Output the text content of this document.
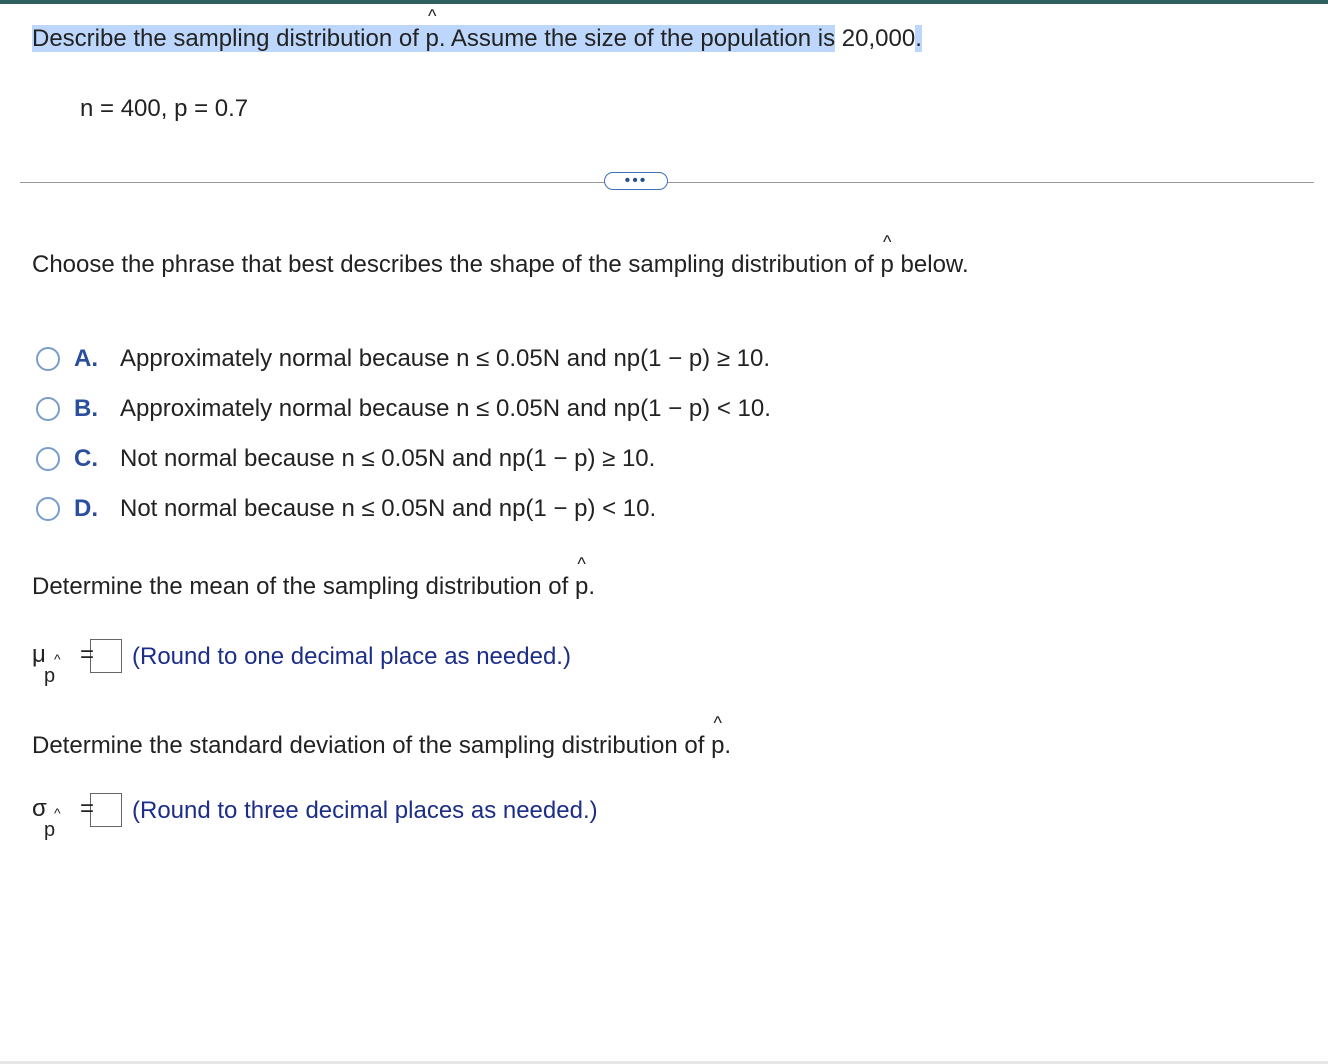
Describe the sampling distribution of
^
p. Assume the size of the population is 20,000.
n = 400, p = 0.7
•••
Choose the phrase that best describes the shape of the sampling distribution of
^
p below.
A. Approximately normal because n ≤ 0.05N and np(1 − p) ≥ 10.
B. Approximately normal because n ≤ 0.05N and np(1 − p) < 10.
C. Not normal because n ≤ 0.05N and np(1 − p) ≥ 10.
D. Not normal because n ≤ 0.05N and np(1 − p) < 10.
Determine the mean of the sampling distribution of
^
p.
μ ^
p
= (Round to one decimal place as needed.)
Determine the standard deviation of the sampling distribution of
^
p.
σ ^
p
= (Round to three decimal places as needed.)
